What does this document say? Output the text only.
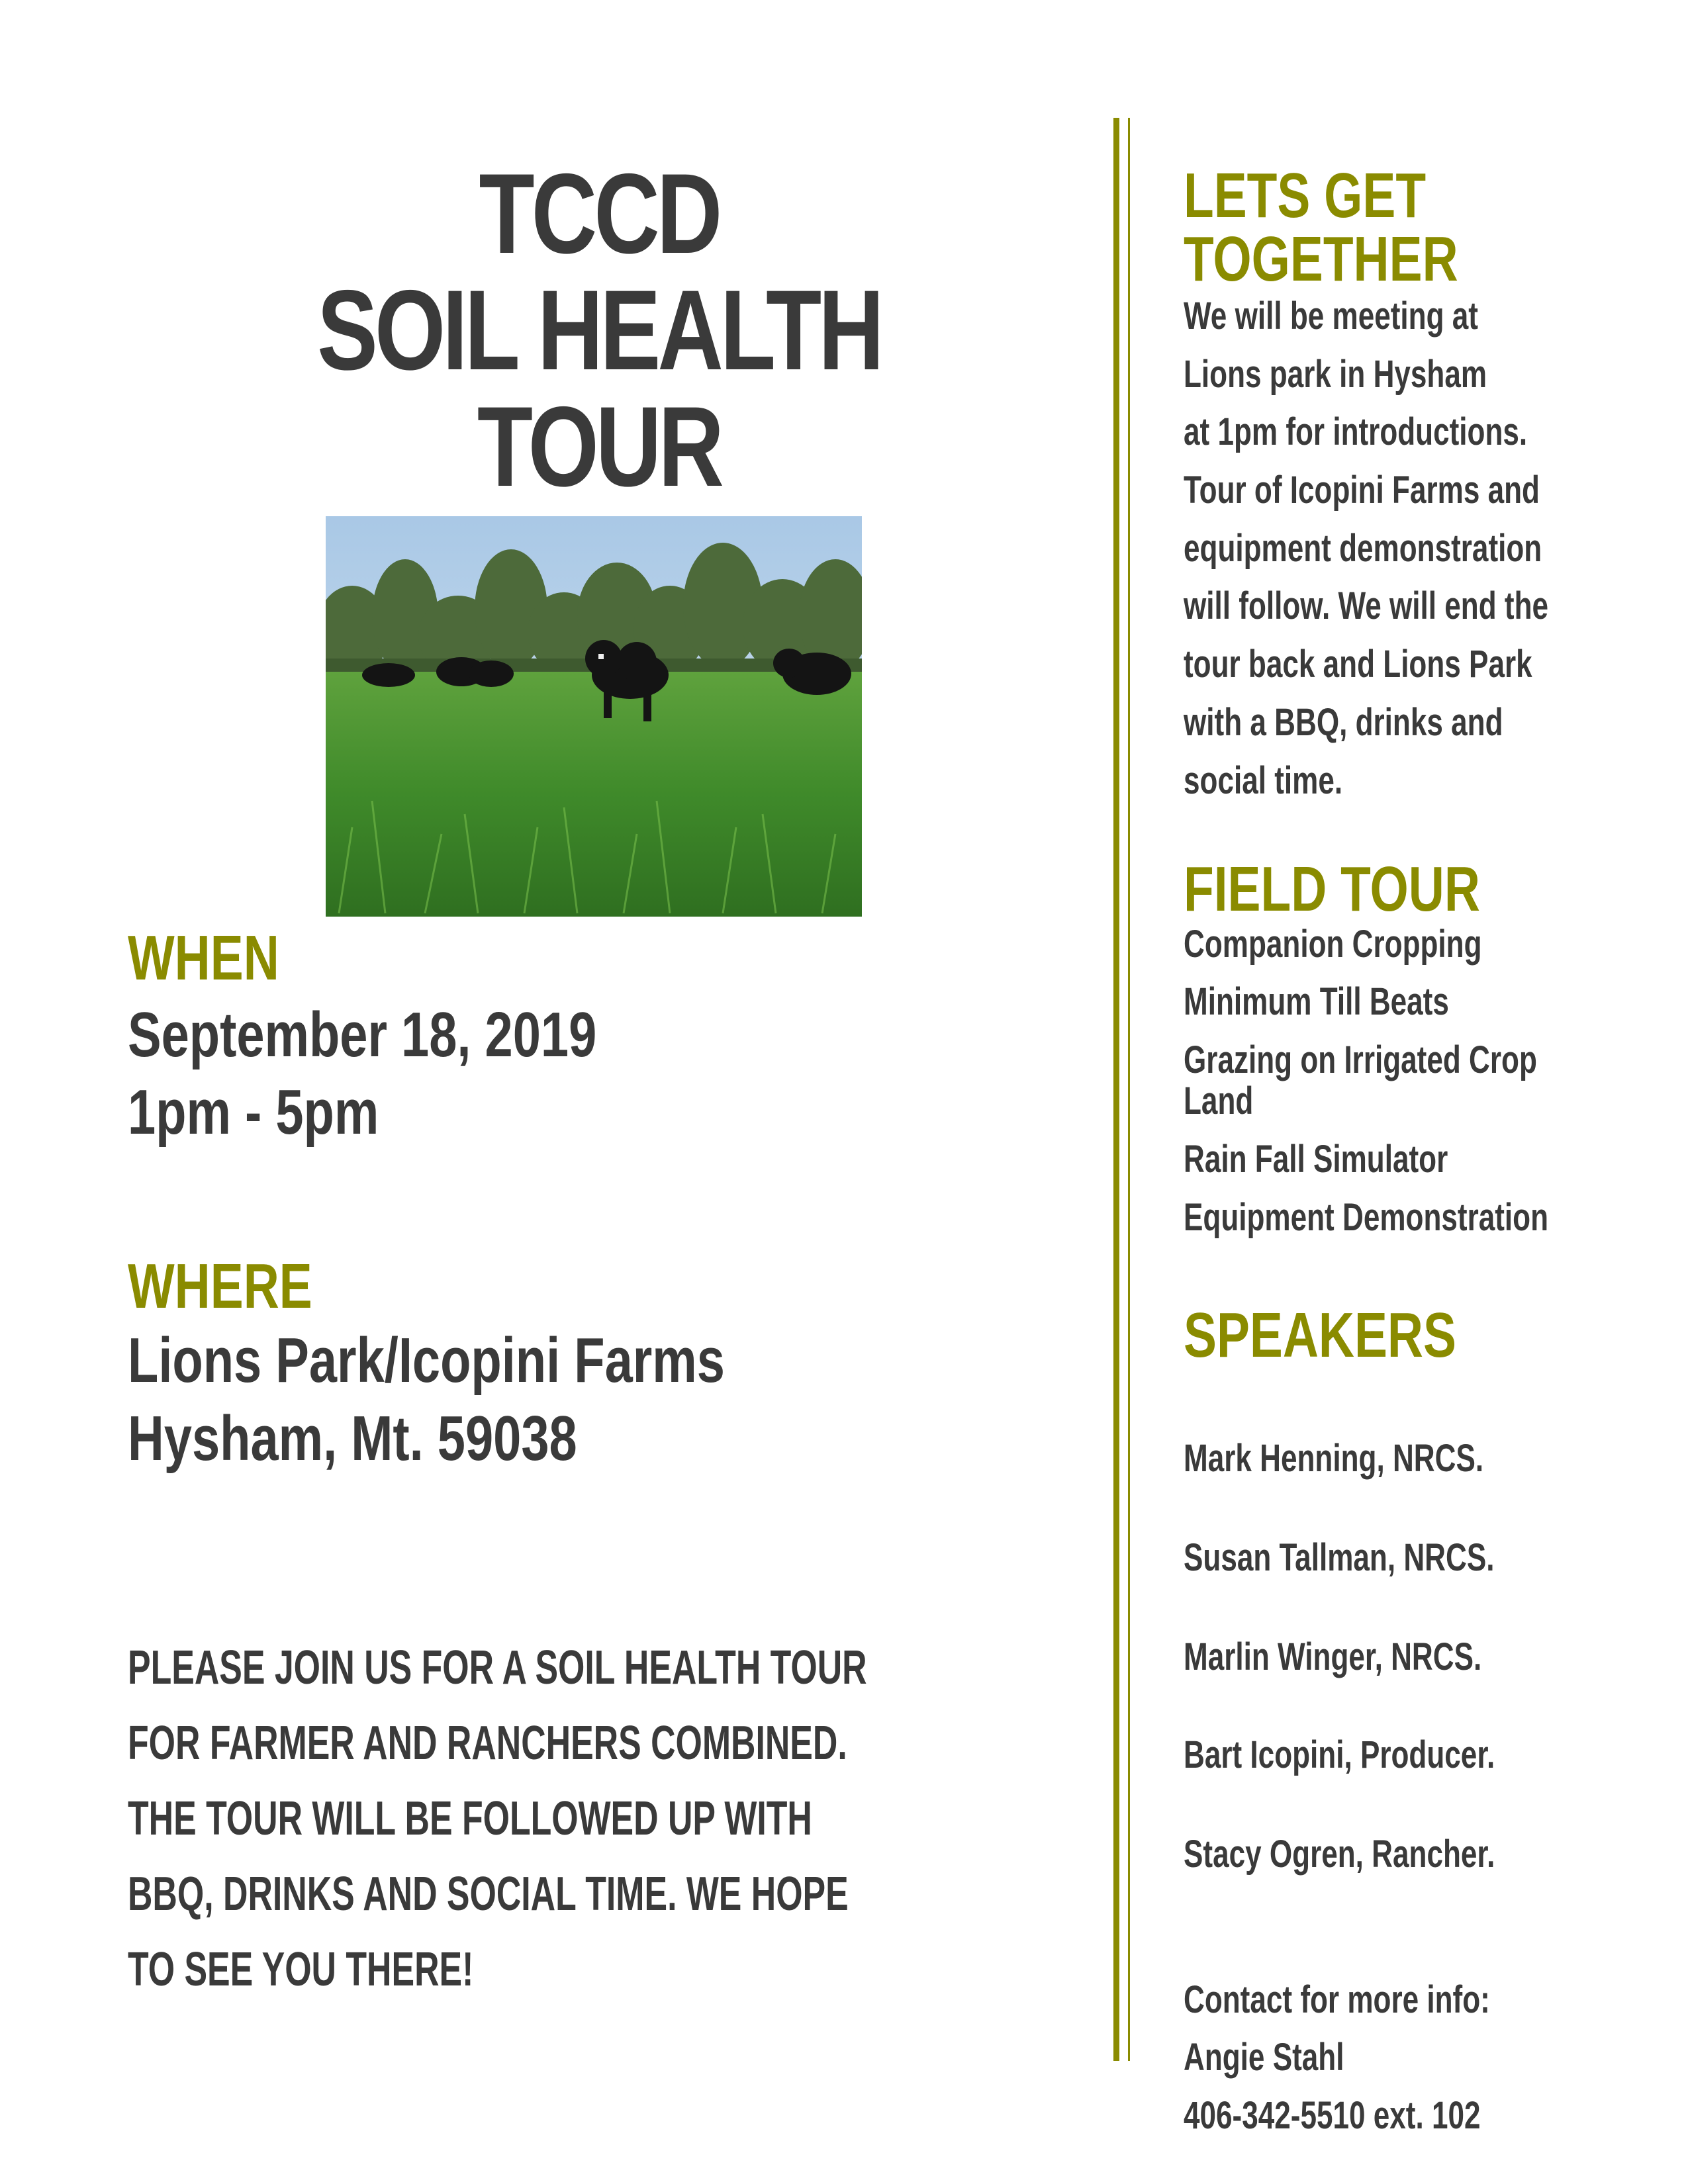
TCCD
SOIL HEALTH
TOUR
WHEN
September 18, 2019
1pm - 5pm
WHERE
Lions Park/Icopini Farms
Hysham, Mt. 59038
PLEASE JOIN US FOR A SOIL HEALTH TOUR
FOR FARMER AND RANCHERS COMBINED.
THE TOUR WILL BE FOLLOWED UP WITH
BBQ, DRINKS AND SOCIAL TIME. WE HOPE
TO SEE YOU THERE!
LETS GET
TOGETHER
We will be meeting at
Lions park in Hysham
at 1pm for introductions.
Tour of Icopini Farms and
equipment demonstration
will follow. We will end the
tour back and Lions Park
with a BBQ, drinks and
social time.
FIELD TOUR
Companion Cropping
Minimum Till Beats
Grazing on Irrigated Crop
Land
Rain Fall Simulator
Equipment Demonstration
SPEAKERS
Mark Henning, NRCS.
Susan Tallman, NRCS.
Marlin Winger, NRCS.
Bart Icopini, Producer.
Stacy Ogren, Rancher.
Contact for more info:
Angie Stahl
406-342-5510 ext. 102
